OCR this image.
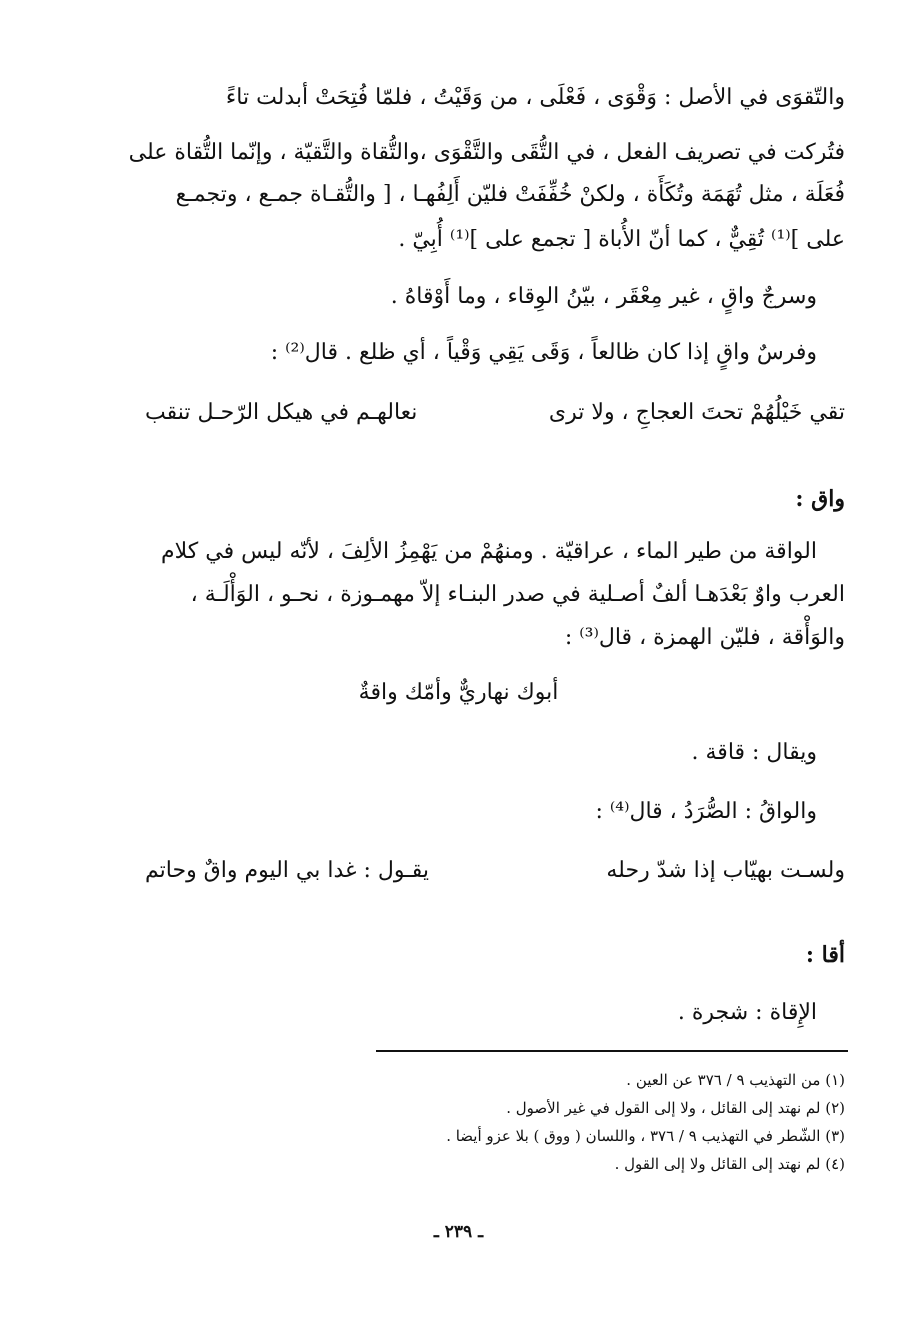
والتّقوَى في الأصل : وَقْوَى ، فَعْلَى ، من وَقَيْتُ ، فلمّا فُتِحَتْ أبدلت تاءً
فتُركت في تصريف الفعل ، في التُّقَى والتَّقْوَى ،والتُّقاة والتَّقيّة ، وإنّما التُّقاة على
فُعَلَة ، مثل تُهَمَة وتُكَأَة ، ولكنْ خُفِّفَتْ فليّن أَلِفُهـا ، [ والتُّقـاة جمـع ، وتجمـع
على ]⁽¹⁾ تُقِيٌّ ، كما أنّ الأُباة [ تجمع على ]⁽¹⁾ أُبِيّ .
وسرجٌ واقٍ ، غير مِعْقَر ، بيّنُ الوِقاء ، وما أَوْقاهُ .
وفرسٌ واقٍ إذا كان ظالعاً ، وَقَى يَقِي وَقْياً ، أي ظلع . قال⁽²⁾ :
تقي خَيْلُهُمْ تحتَ العجاجِ ، ولا ترى
نعالهـم في هيكل الرّحـل تنقب
واق :
الواقة من طير الماء ، عراقيّة . ومنهُمْ من يَهْمِزُ الألِفَ ، لأنّه ليس في كلام
العرب واوٌ بَعْدَهـا ألفٌ أصـلية في صدر البنـاء إلاّ مهمـوزة ، نحـو ، الوَأْلَـة ،
والوَأْقة ، فليّن الهمزة ، قال⁽³⁾ :
أبوك نهاريٌّ وأمّك واقةٌ
ويقال : قاقة .
والواقُ : الصُّرَدُ ، قال⁽⁴⁾ :
ولسـت بهيّاب إذا شدّ رحله
يقـول : غدا بي اليوم واقٌ وحاتم
أقا :
الإِقاة : شجرة .
(١) من التهذيب ٩ / ٣٧٦ عن العين .
(٢) لم نهتد إلى القائل ، ولا إلى القول في غير الأصول .
(٣) الشّطر في التهذيب ٩ / ٣٧٦ ، واللسان ( ووق ) بلا عزو أيضا .
(٤) لم نهتد إلى القائل ولا إلى القول .
ـ ٢٣٩ ـ
